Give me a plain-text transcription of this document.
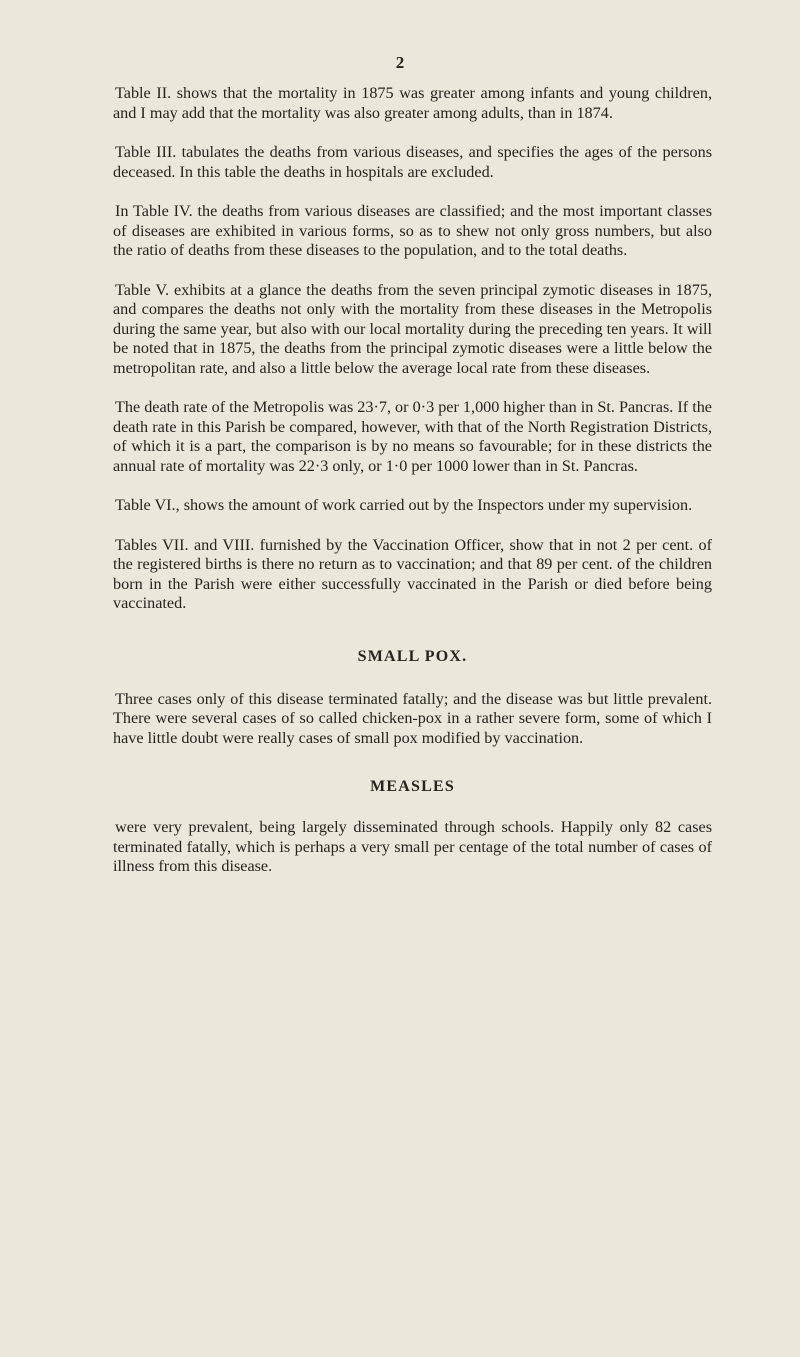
2

Table II. shows that the mortality in 1875 was greater among infants and young children, and I may add that the mortality was also greater among adults, than in 1874.

Table III. tabulates the deaths from various diseases, and specifies the ages of the persons deceased. In this table the deaths in hospitals are excluded.

In Table IV. the deaths from various diseases are classified; and the most important classes of diseases are exhibited in various forms, so as to shew not only gross numbers, but also the ratio of deaths from these diseases to the population, and to the total deaths.

Table V. exhibits at a glance the deaths from the seven principal zymotic diseases in 1875, and compares the deaths not only with the mortality from these diseases in the Metropolis during the same year, but also with our local mortality during the preceding ten years. It will be noted that in 1875, the deaths from the principal zymotic diseases were a little below the metropolitan rate, and also a little below the average local rate from these diseases.

The death rate of the Metropolis was 23·7, or 0·3 per 1,000 higher than in St. Pancras. If the death rate in this Parish be compared, however, with that of the North Registration Districts, of which it is a part, the comparison is by no means so favourable; for in these districts the annual rate of mortality was 22·3 only, or 1·0 per 1000 lower than in St. Pancras.

Table VI., shows the amount of work carried out by the Inspectors under my supervision.

Tables VII. and VIII. furnished by the Vaccination Officer, show that in not 2 per cent. of the registered births is there no return as to vaccination; and that 89 per cent. of the children born in the Parish were either successfully vaccinated in the Parish or died before being vaccinated.

SMALL POX.

Three cases only of this disease terminated fatally; and the disease was but little prevalent. There were several cases of so called chicken-pox in a rather severe form, some of which I have little doubt were really cases of small pox modified by vaccination.

MEASLES

were very prevalent, being largely disseminated through schools. Happily only 82 cases terminated fatally, which is perhaps a very small per centage of the total number of cases of illness from this disease.
